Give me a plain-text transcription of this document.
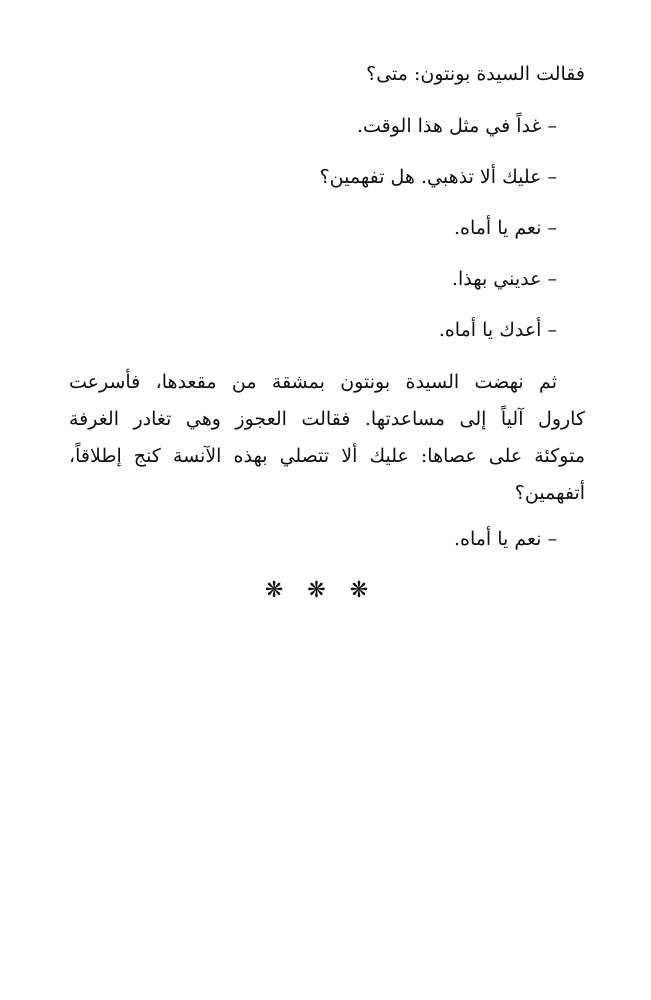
فقالت السيدة بونتون: متى؟
– غداً في مثل هذا الوقت.
– عليك ألا تذهبي. هل تفهمين؟
– نعم يا أماه.
– عديني بهذا.
– أعدك يا أماه.
ثم نهضت السيدة بونتون بمشقة من مقعدها، فأسرعت
كارول آلياً إلى مساعدتها. فقالت العجوز وهي تغادر الغرفة
متوكئة على عصاها: عليك ألا تتصلي بهذه الآنسة كنج إطلاقاً،
أتفهمين؟
– نعم يا أماه.
❋ ❋ ❋
